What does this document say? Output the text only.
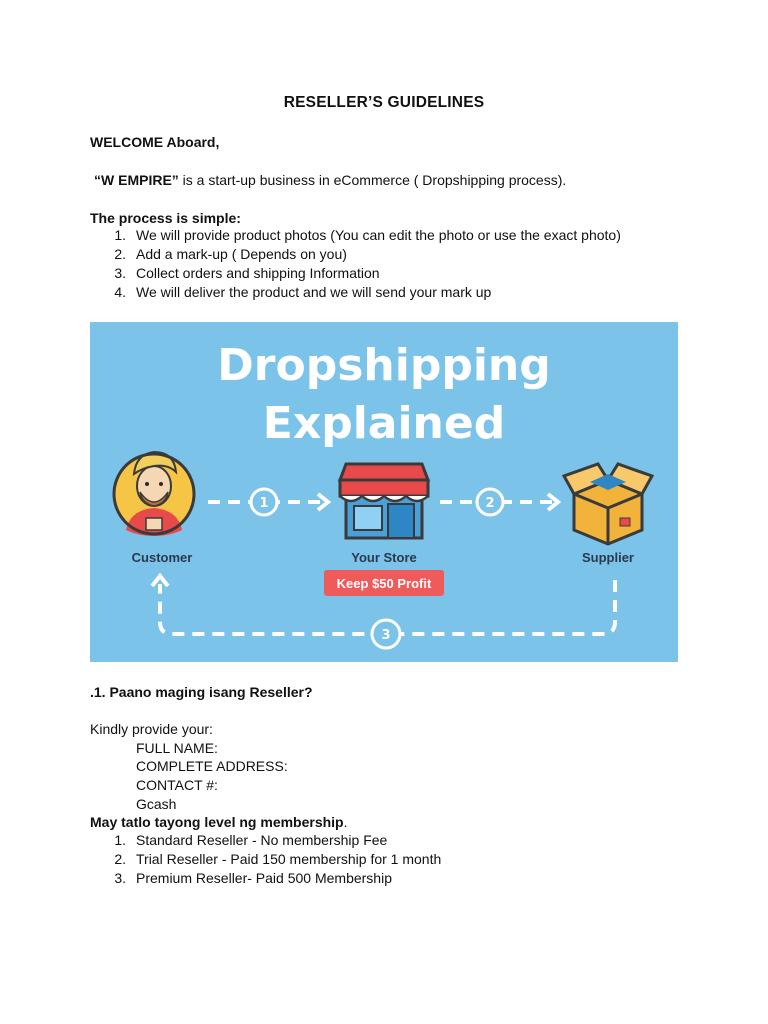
RESELLER’S GUIDELINES
WELCOME Aboard,
“W EMPIRE” is a start-up business in eCommerce ( Dropshipping process).
The process is simple:
1. We will provide product photos (You can edit the photo or use the exact photo)
2. Add a mark-up ( Depends on you)
3. Collect orders and shipping Information
4. We will deliver the product and we will send your mark up
Dropshipping
Explained
Customer
1
Your Store
Keep $50 Profit
2
Supplier
3
.1. Paano maging isang Reseller?
Kindly provide your:
FULL NAME:
COMPLETE ADDRESS:
CONTACT #:
Gcash
May tatlo tayong level ng membership.
1. Standard Reseller - No membership Fee
2. Trial Reseller - Paid 150 membership for 1 month
3. Premium Reseller- Paid 500 Membership
